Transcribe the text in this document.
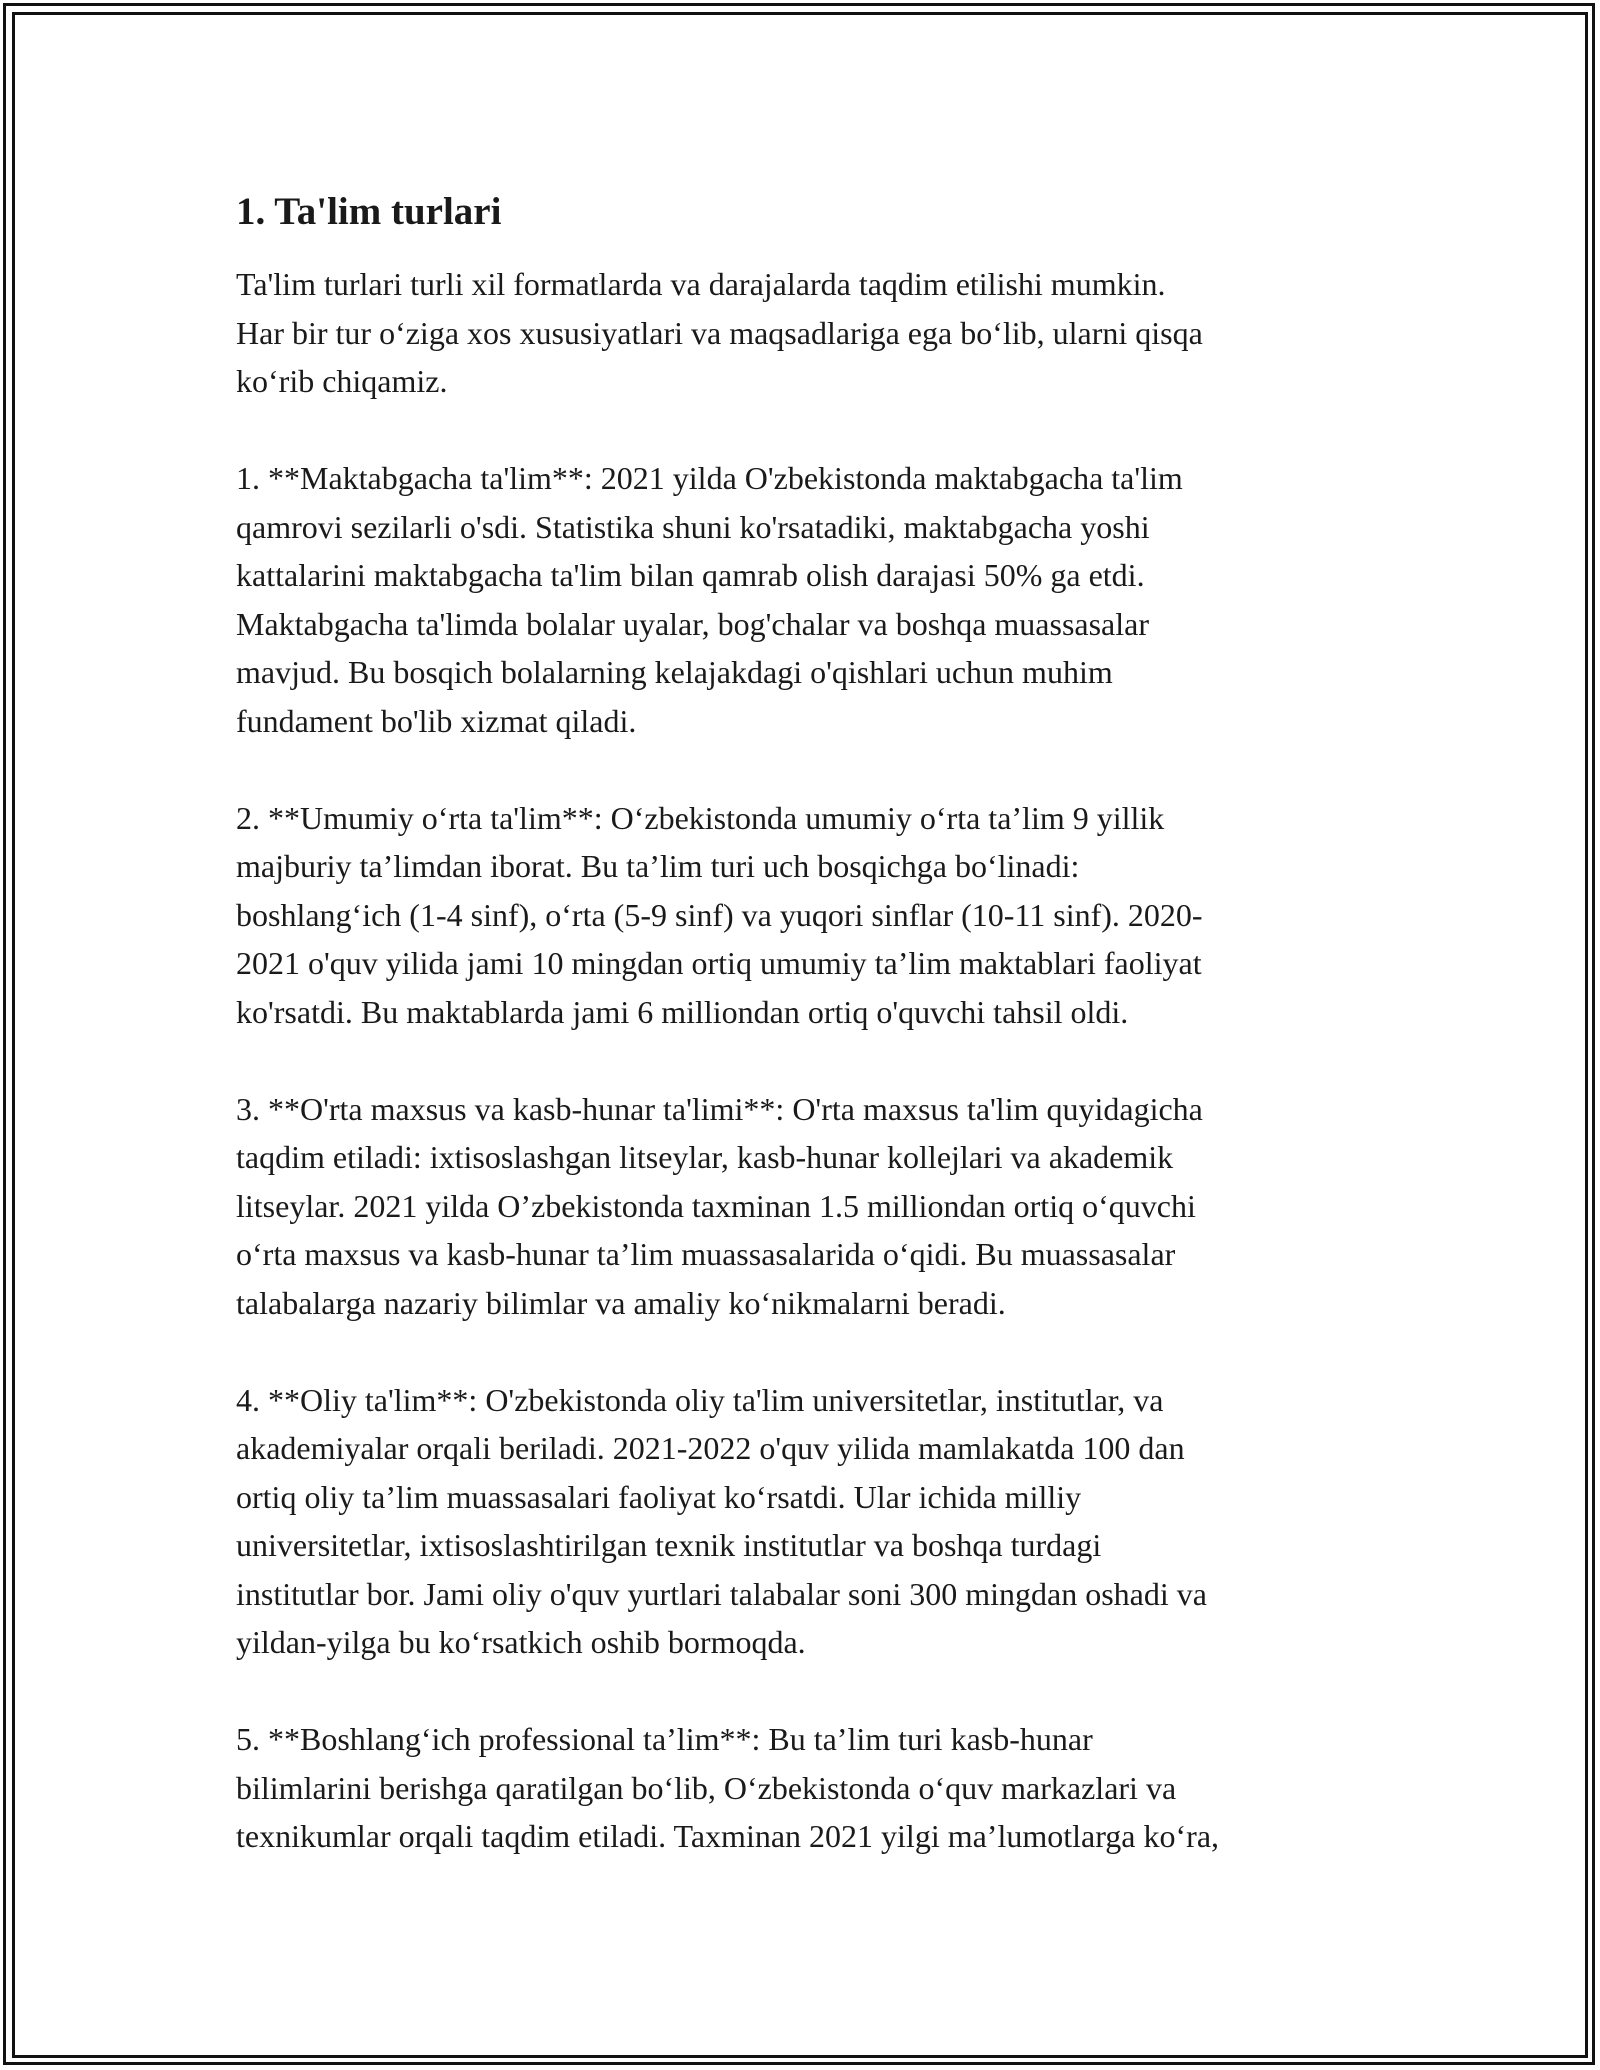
1. Ta'lim turlari

Ta'lim turlari turli xil formatlarda va darajalarda taqdim etilishi mumkin.
Har bir tur o‘ziga xos xususiyatlari va maqsadlariga ega bo‘lib, ularni qisqa
ko‘rib chiqamiz.

1. **Maktabgacha ta'lim**: 2021 yilda O'zbekistonda maktabgacha ta'lim
qamrovi sezilarli o'sdi. Statistika shuni ko'rsatadiki, maktabgacha yoshi
kattalarini maktabgacha ta'lim bilan qamrab olish darajasi 50% ga etdi.
Maktabgacha ta'limda bolalar uyalar, bog'chalar va boshqa muassasalar
mavjud. Bu bosqich bolalarning kelajakdagi o'qishlari uchun muhim
fundament bo'lib xizmat qiladi.

2. **Umumiy o‘rta ta'lim**: O‘zbekistonda umumiy o‘rta ta’lim 9 yillik
majburiy ta’limdan iborat. Bu ta’lim turi uch bosqichga bo‘linadi:
boshlang‘ich (1-4 sinf), o‘rta (5-9 sinf) va yuqori sinflar (10-11 sinf). 2020-
2021 o'quv yilida jami 10 mingdan ortiq umumiy ta’lim maktablari faoliyat
ko'rsatdi. Bu maktablarda jami 6 milliondan ortiq o'quvchi tahsil oldi.

3. **O'rta maxsus va kasb-hunar ta'limi**: O'rta maxsus ta'lim quyidagicha
taqdim etiladi: ixtisoslashgan litseylar, kasb-hunar kollejlari va akademik
litseylar. 2021 yilda O’zbekistonda taxminan 1.5 milliondan ortiq o‘quvchi
o‘rta maxsus va kasb-hunar ta’lim muassasalarida o‘qidi. Bu muassasalar
talabalarga nazariy bilimlar va amaliy ko‘nikmalarni beradi.

4. **Oliy ta'lim**: O'zbekistonda oliy ta'lim universitetlar, institutlar, va
akademiyalar orqali beriladi. 2021-2022 o'quv yilida mamlakatda 100 dan
ortiq oliy ta’lim muassasalari faoliyat ko‘rsatdi. Ular ichida milliy
universitetlar, ixtisoslashtirilgan texnik institutlar va boshqa turdagi
institutlar bor. Jami oliy o'quv yurtlari talabalar soni 300 mingdan oshadi va
yildan-yilga bu ko‘rsatkich oshib bormoqda.

5. **Boshlang‘ich professional ta’lim**: Bu ta’lim turi kasb-hunar
bilimlarini berishga qaratilgan bo‘lib, O‘zbekistonda o‘quv markazlari va
texnikumlar orqali taqdim etiladi. Taxminan 2021 yilgi ma’lumotlarga ko‘ra,
